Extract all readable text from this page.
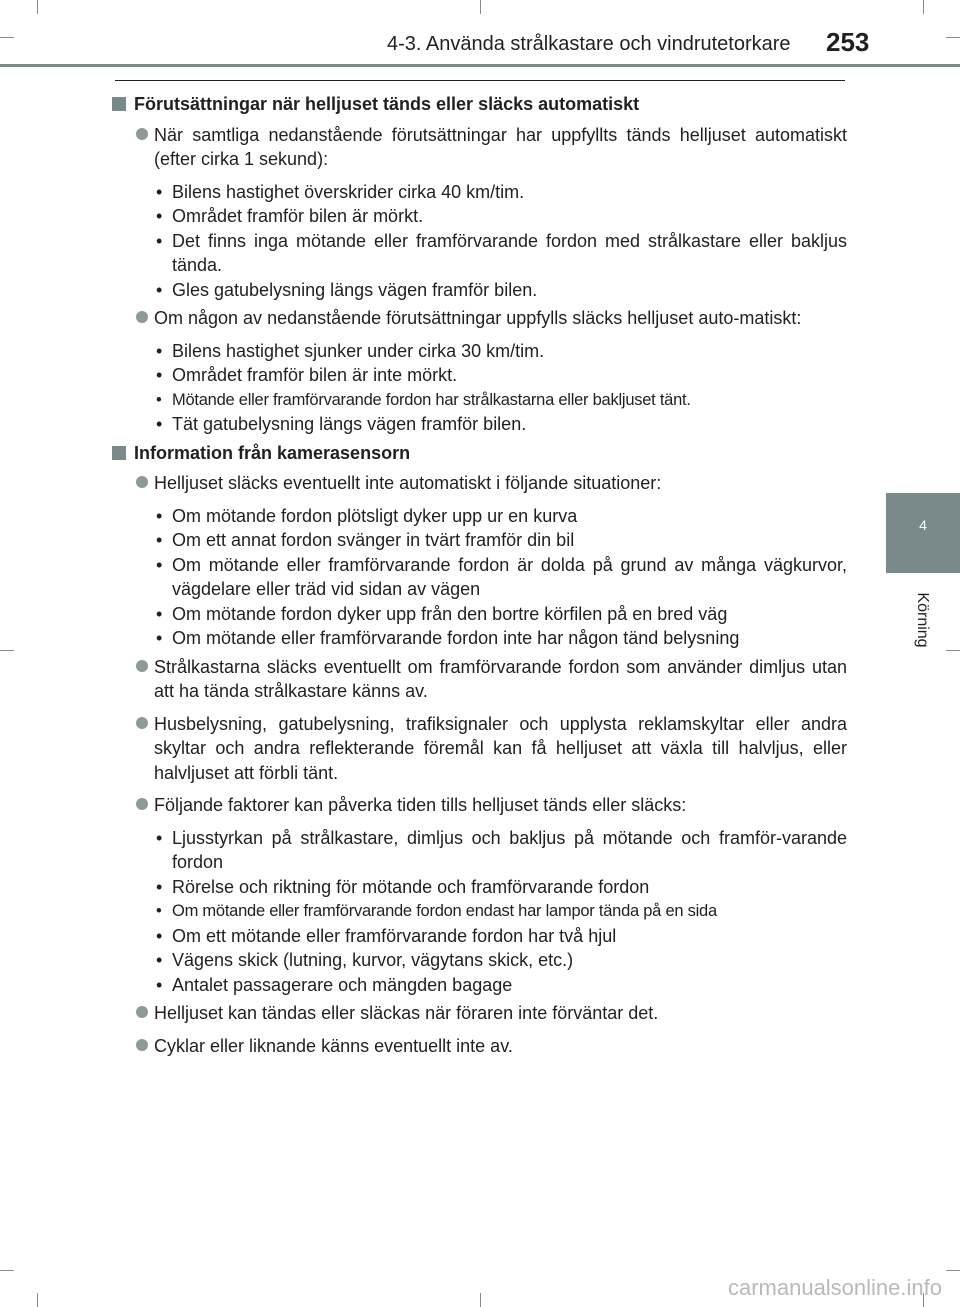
4-3. Använda strålkastare och vindrutetorkare 253
4
Körning
Förutsättningar när helljuset tänds eller släcks automatiskt
När samtliga nedanstående förutsättningar har uppfyllts tänds helljuset automatiskt (efter cirka 1 sekund):
• Bilens hastighet överskrider cirka 40 km/tim.
• Området framför bilen är mörkt.
• Det finns inga mötande eller framförvarande fordon med strålkastare eller bakljus tända.
• Gles gatubelysning längs vägen framför bilen.
Om någon av nedanstående förutsättningar uppfylls släcks helljuset auto-matiskt:
• Bilens hastighet sjunker under cirka 30 km/tim.
• Området framför bilen är inte mörkt.
• Mötande eller framförvarande fordon har strålkastarna eller bakljuset tänt.
• Tät gatubelysning längs vägen framför bilen.
Information från kamerasensorn
Helljuset släcks eventuellt inte automatiskt i följande situationer:
• Om mötande fordon plötsligt dyker upp ur en kurva
• Om ett annat fordon svänger in tvärt framför din bil
• Om mötande eller framförvarande fordon är dolda på grund av många vägkurvor, vägdelare eller träd vid sidan av vägen
• Om mötande fordon dyker upp från den bortre körfilen på en bred väg
• Om mötande eller framförvarande fordon inte har någon tänd belysning
Strålkastarna släcks eventuellt om framförvarande fordon som använder dimljus utan att ha tända strålkastare känns av.
Husbelysning, gatubelysning, trafiksignaler och upplysta reklamskyltar eller andra skyltar och andra reflekterande föremål kan få helljuset att växla till halvljus, eller halvljuset att förbli tänt.
Följande faktorer kan påverka tiden tills helljuset tänds eller släcks:
• Ljusstyrkan på strålkastare, dimljus och bakljus på mötande och framför-varande fordon
• Rörelse och riktning för mötande och framförvarande fordon
• Om mötande eller framförvarande fordon endast har lampor tända på en sida
• Om ett mötande eller framförvarande fordon har två hjul
• Vägens skick (lutning, kurvor, vägytans skick, etc.)
• Antalet passagerare och mängden bagage
Helljuset kan tändas eller släckas när föraren inte förväntar det.
Cyklar eller liknande känns eventuellt inte av.
carmanualsonline.info
